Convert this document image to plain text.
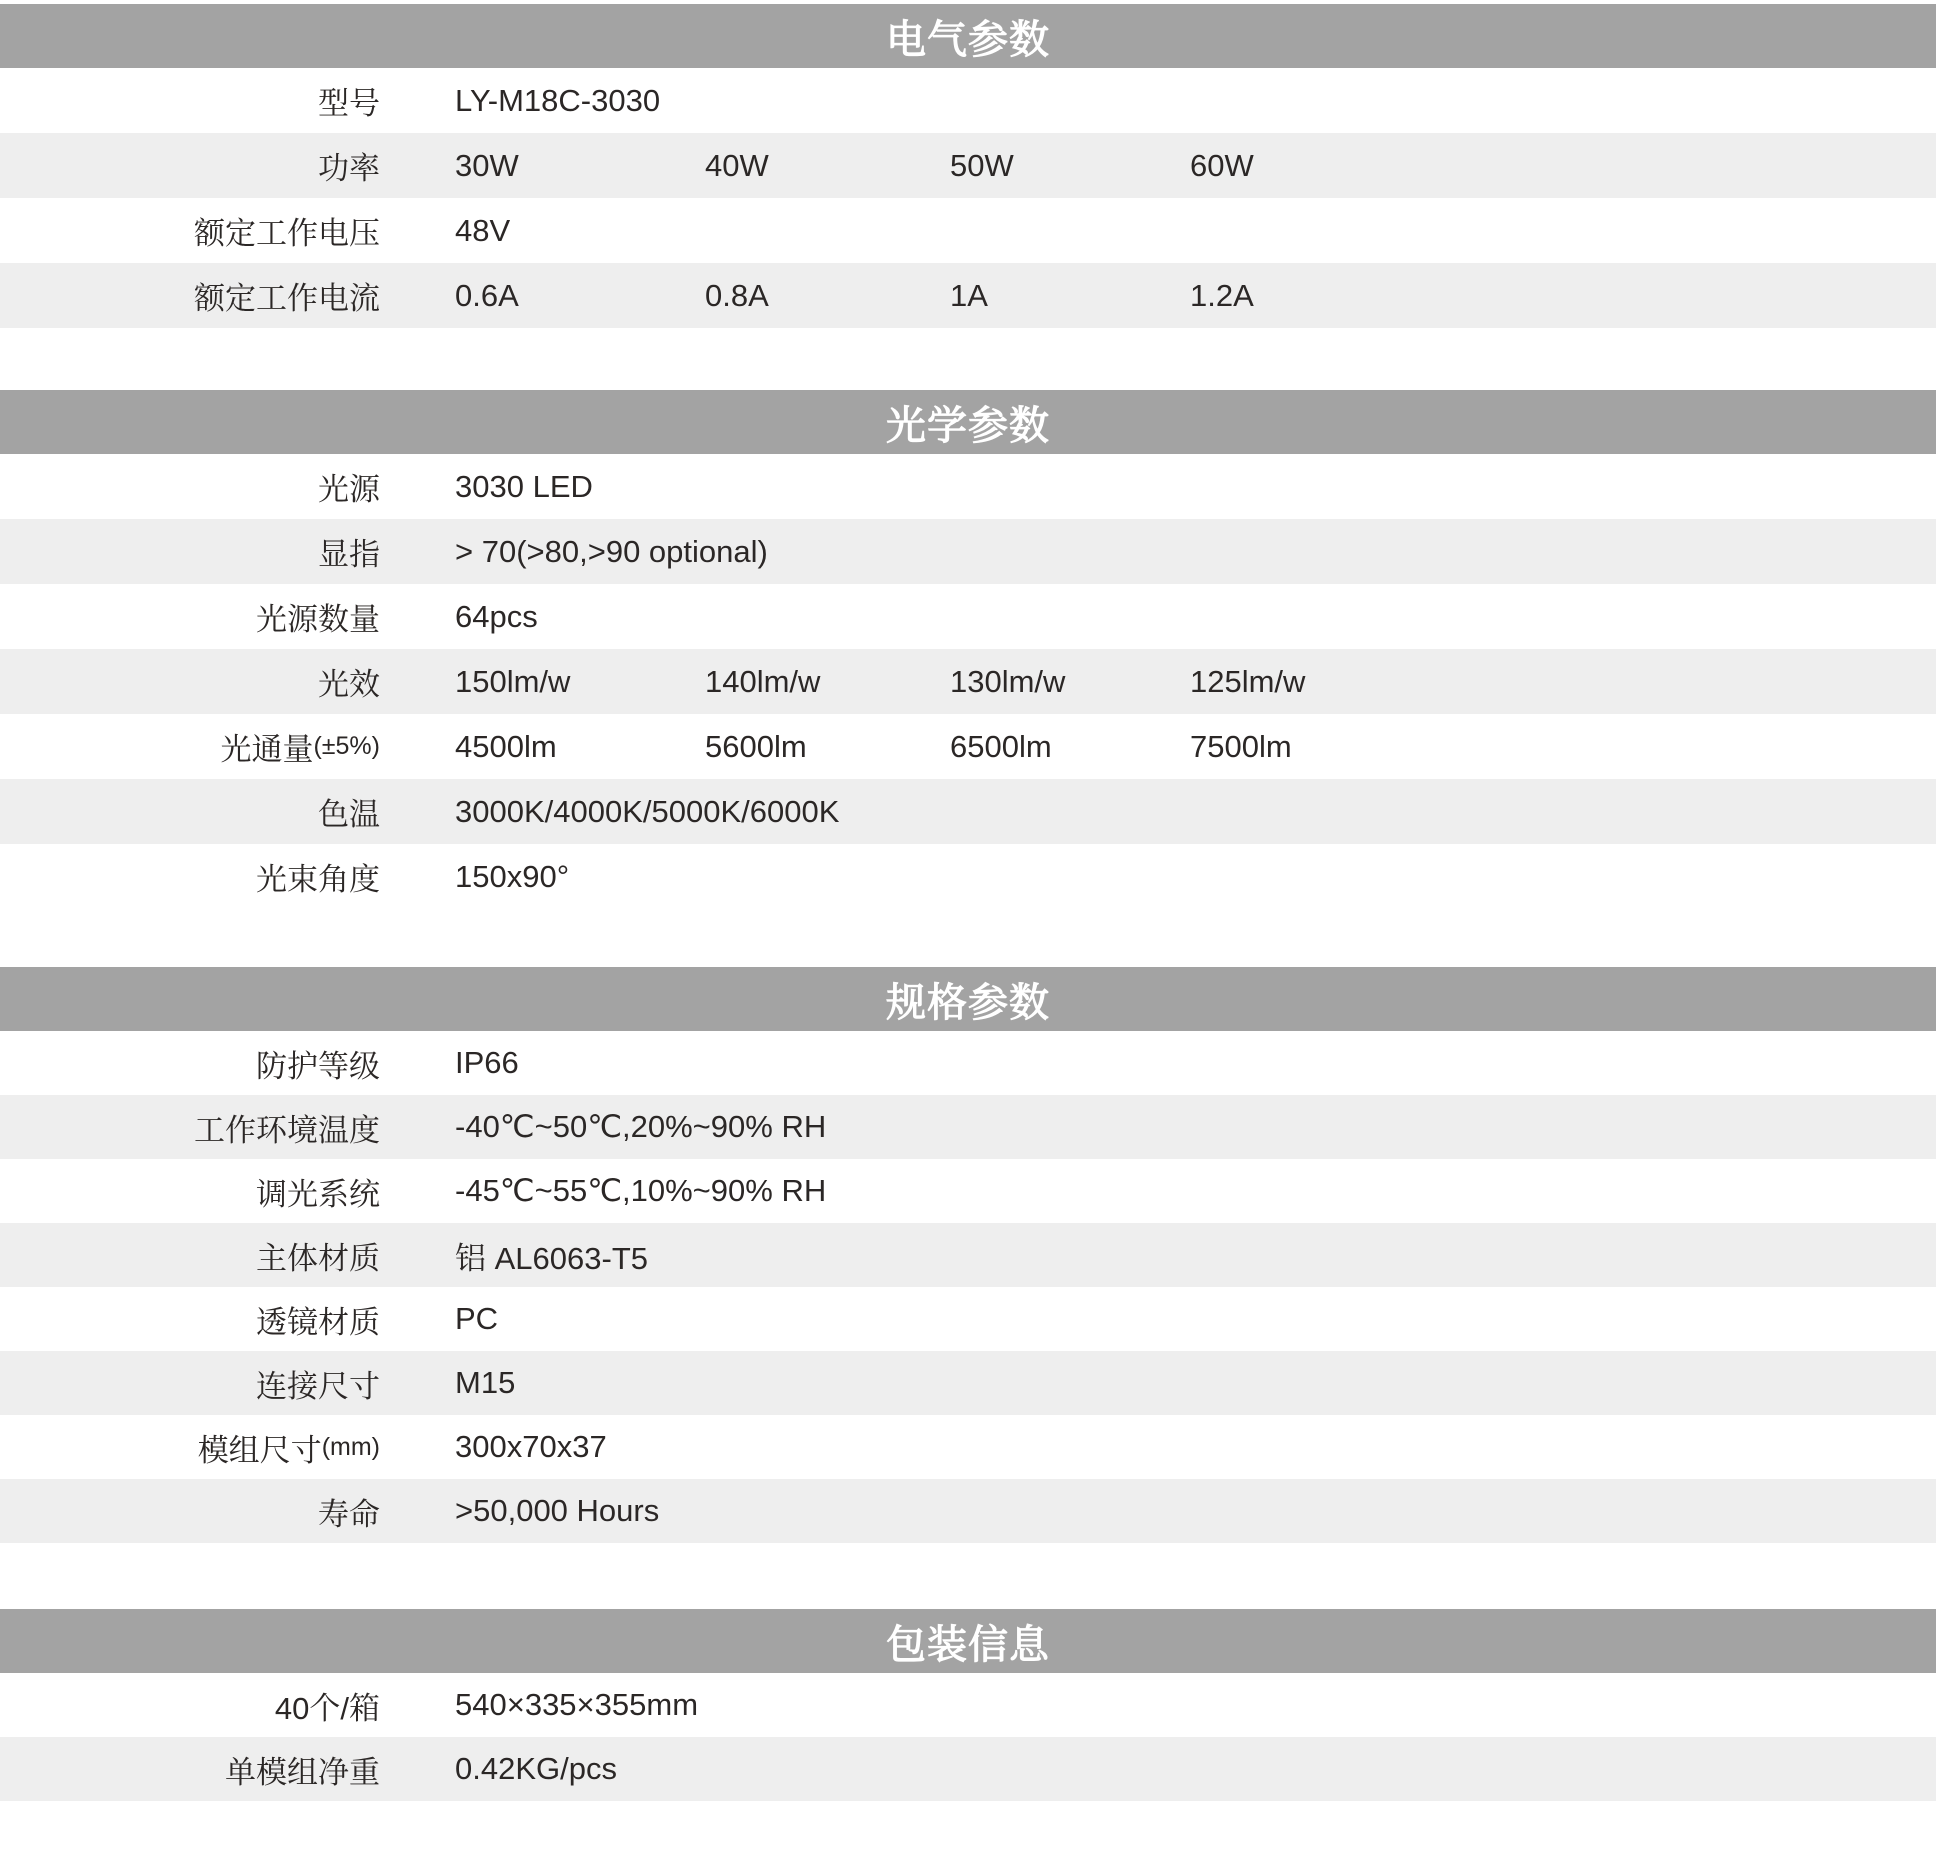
电气参数
型号 LY-M18C-3030
功率 30W	40W	50W	60W
额定工作电压 48V
额定工作电流 0.6A	0.8A	1A	1.2A
光学参数
光源 3030 LED
显指 > 70(>80,>90 optional)
光源数量 64pcs
光效 150lm/w	140lm/w	130lm/w	125lm/w
光通量 (±5%) 4500lm	5600lm	6500lm	7500lm
色温 3000K/4000K/5000K/6000K
光束角度 150x90°
规格参数
防护等级 IP66
工作环境温度 -40℃~50℃,20%~90% RH
调光系统 -45℃~55℃,10%~90% RH
主体材质 铝 AL6063-T5
透镜材质 PC
连接尺寸 M15
模组尺寸 (mm) 300x70x37
寿命 >50,000 Hours
包装信息
40个/箱 540×335×355mm
单模组净重 0.42KG/pcs
